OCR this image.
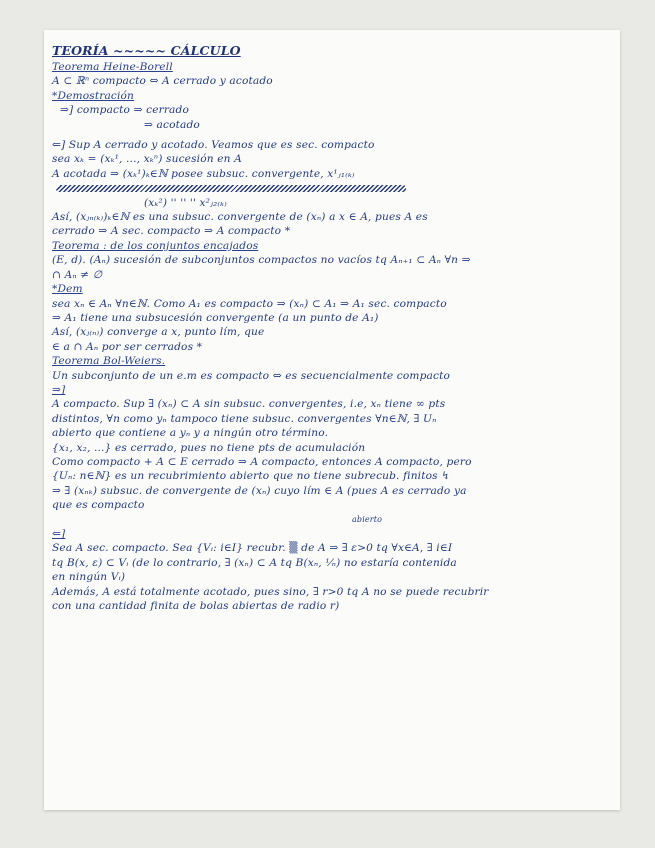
TEORÍA ~~~~~ CÁLCULO
Teorema Heine-Borell
A ⊂ ℝⁿ compacto ⇔ A cerrado y acotado
*Demostración
⇒] compacto ⇒ cerrado
⇒ acotado
⇐] Sup A cerrado y acotado. Veamos que es sec. compacto
sea xₖ = (xₖ¹, ..., xₖⁿ) sucesión en A
A acotada ⇒ (xₖ¹)ₖ∈ℕ posee subsuc. convergente, x¹ⱼ₁₍ₖ₎
(xₖ²) '' '' '' x²ⱼ₂₍ₖ₎
Así, (xⱼₙ₍ₖ₎)ₖ∈ℕ es una subsuc. convergente de (xₙ) a x ∈ A, pues A es
cerrado ⇒ A sec. compacto ⇒ A compacto *
Teorema : de los conjuntos encajados
(E, d). (Aₙ) sucesión de subconjuntos compactos no vacíos tq Aₙ₊₁ ⊂ Aₙ ∀n ⇒
∩ Aₙ ≠ ∅
*Dem
sea xₙ ∈ Aₙ ∀n∈ℕ. Como A₁ es compacto ⇒ (xₙ) ⊂ A₁ ⇒ A₁ sec. compacto
⇒ A₁ tiene una subsucesión convergente (a un punto de A₁)
Así, (xⱼ₍ₙ₎) converge a x, punto lím, que
∈ a ∩ Aₙ por ser cerrados *
Teorema Bol-Weiers.
Un subconjunto de un e.m es compacto ⇔ es secuencialmente compacto
⇒]
A compacto. Sup ∃ (xₙ) ⊂ A sin subsuc. convergentes, i.e, xₙ tiene ∞ pts
distintos, ∀n como yₙ tampoco tiene subsuc. convergentes ∀n∈ℕ, ∃ Uₙ
abierto que contiene a yₙ y a ningún otro término.
{x₁, x₂, ...} es cerrado, pues no tiene pts de acumulación
Como compacto + A ⊂ E cerrado ⇒ A compacto, entonces A compacto, pero
{Uₙ: n∈ℕ} es un recubrimiento abierto que no tiene subrecub. finitos ↯
⇒ ∃ (xₙₖ) subsuc. de convergente de (xₙ) cuyo lím ∈ A (pues A es cerrado ya
que es compacto
abierto
⇐]
Sea A sec. compacto. Sea {Vᵢ: i∈I} recubr. ▒ de A ⇒ ∃ ε>0 tq ∀x∈A, ∃ i∈I
tq B(x, ε) ⊂ Vᵢ (de lo contrario, ∃ (xₙ) ⊂ A tq B(xₙ, ¹⁄ₙ) no estaría contenida
en ningún Vᵢ)
Además, A está totalmente acotado, pues sino, ∃ r>0 tq A no se puede recubrir
con una cantidad finita de bolas abiertas de radio r)
